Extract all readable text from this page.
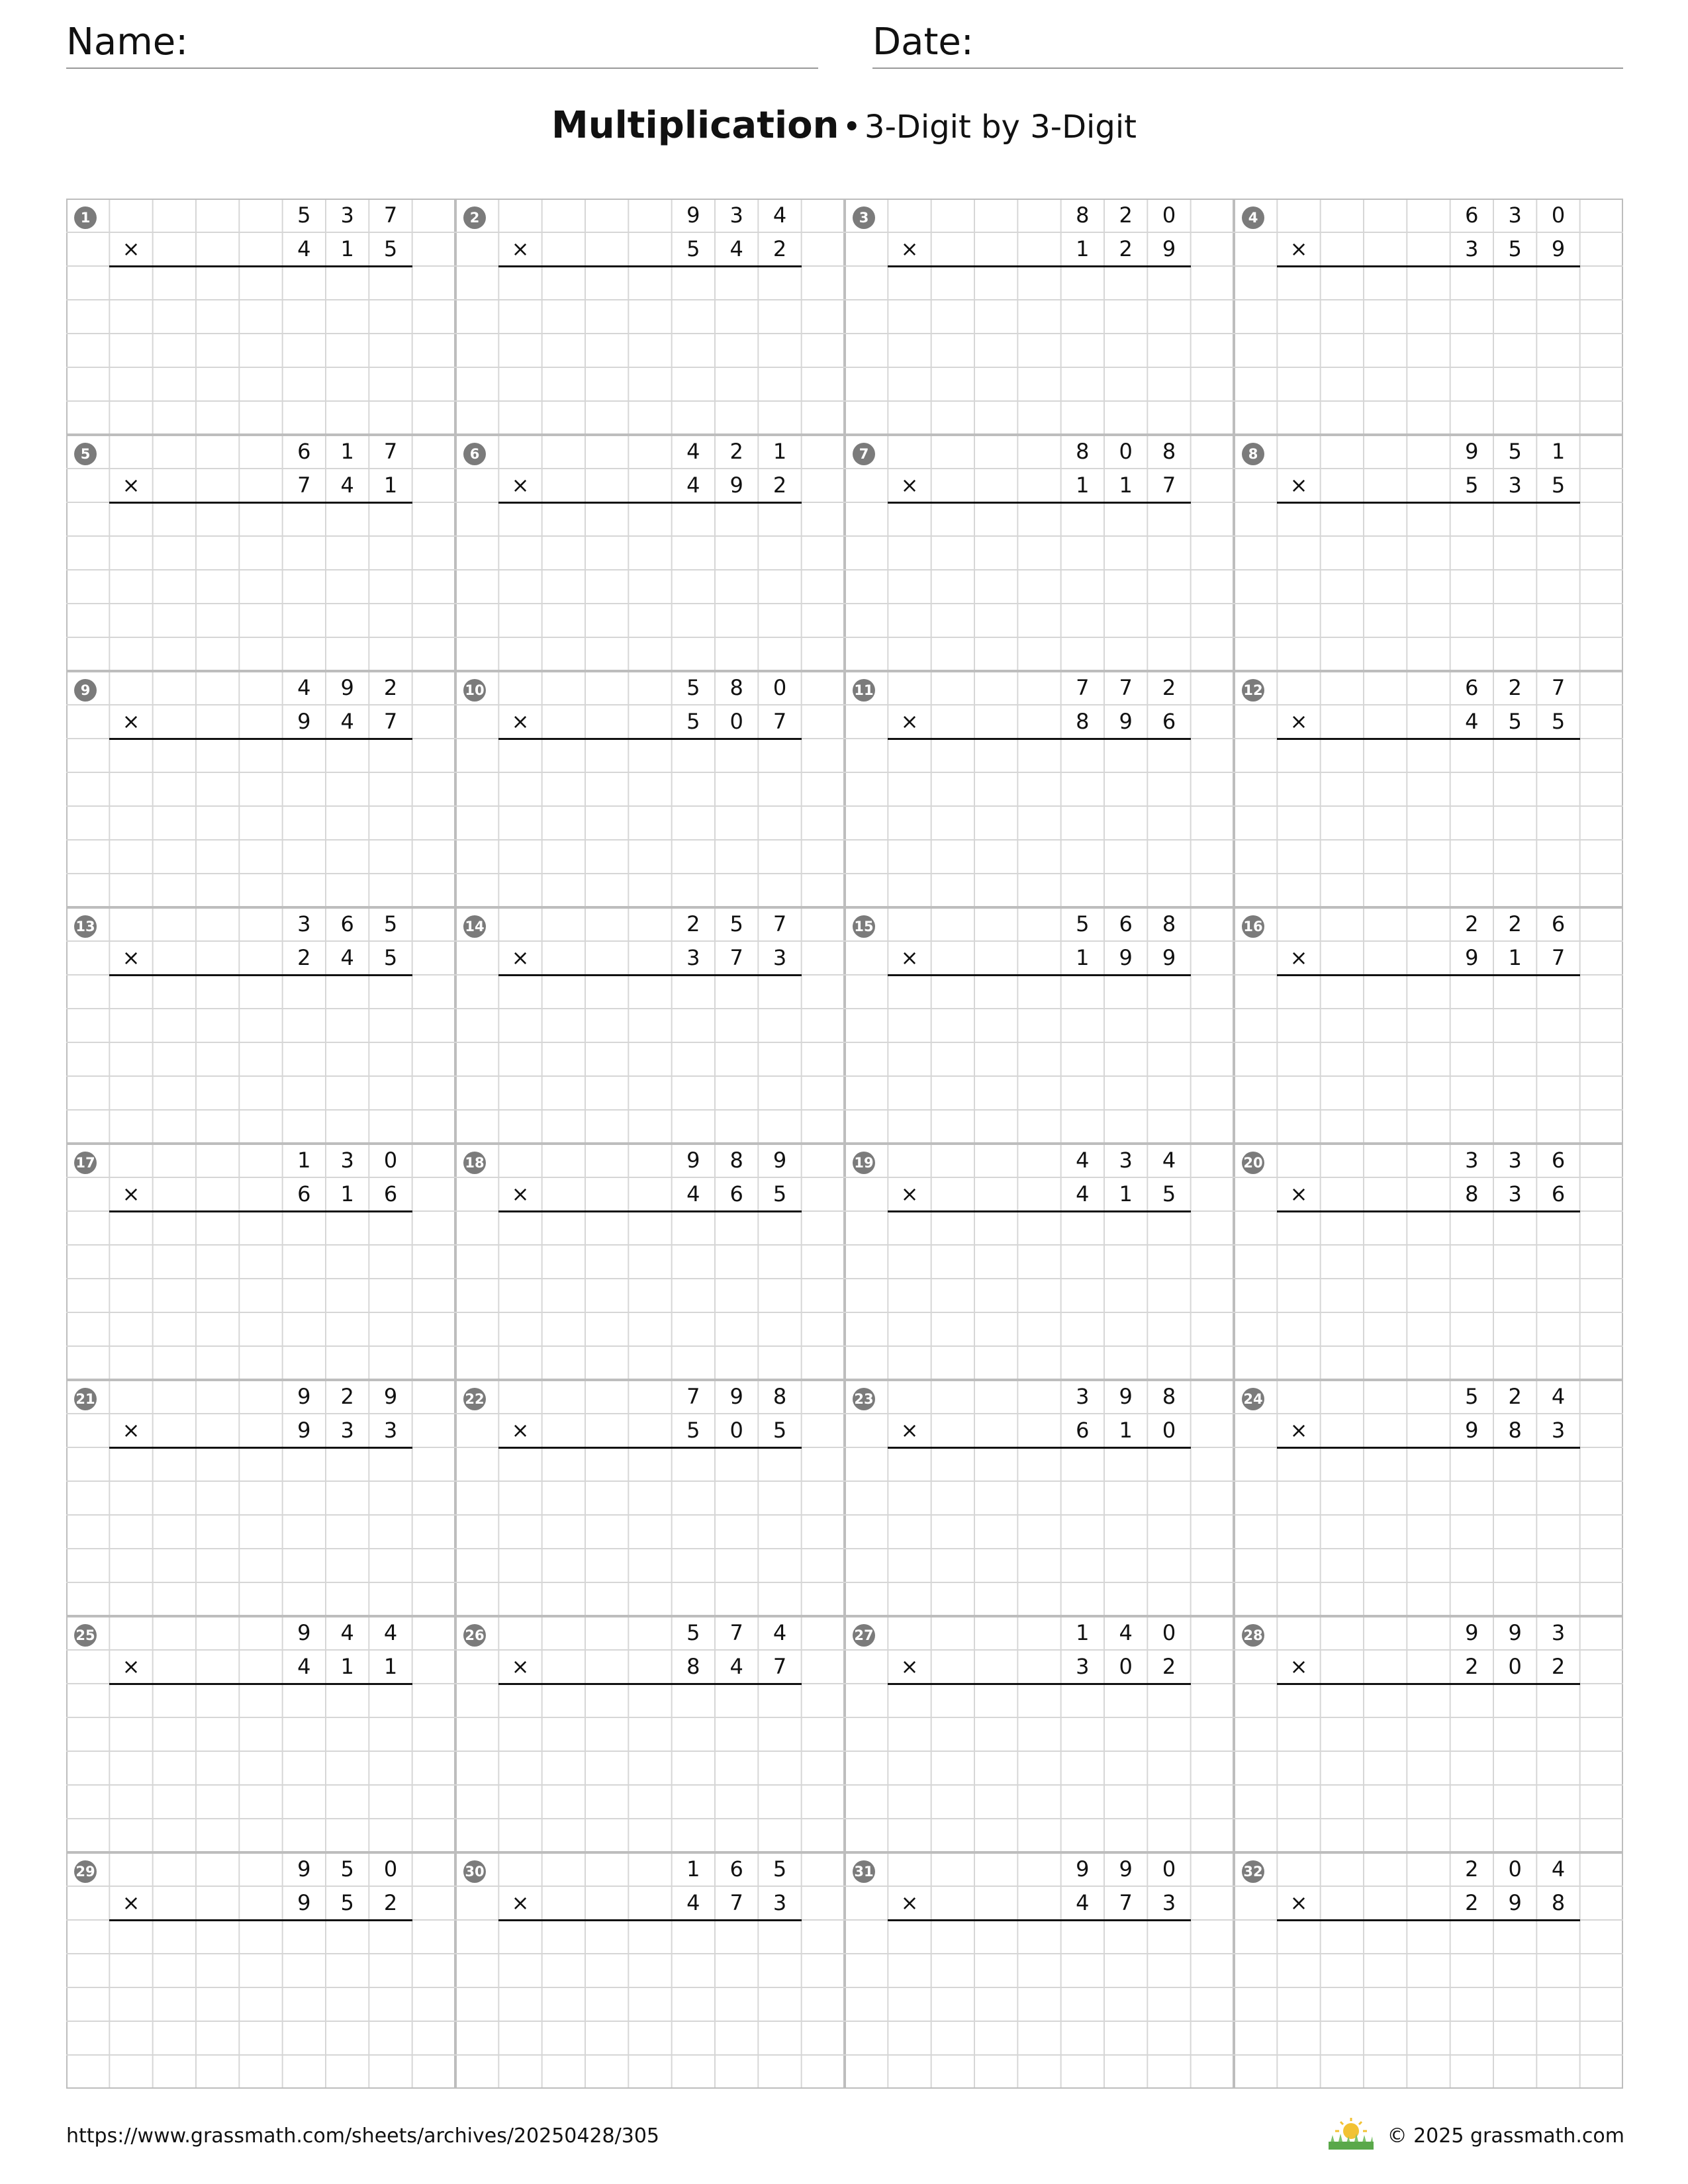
Name:	Date:
Multiplication • 3-Digit by 3-Digit
1	5	3	7
4	1	5
×
2	9	3	4
5	4	2
×
3	8	2	0
1	2	9
×
4	6	3	0
3	5	9
×
5	6	1	7
7	4	1
×
6	4	2	1
4	9	2
×
7	8	0	8
1	1	7
×
8	9	5	1
5	3	5
×
9	4	9	2
9	4	7
×
10	5	8	0
5	0	7
×
11	7	7	2
8	9	6
×
12	6	2	7
4	5	5
×
13	3	6	5
2	4	5
×
14	2	5	7
3	7	3
×
15	5	6	8
1	9	9
×
16	2	2	6
9	1	7
×
17	1	3	0
6	1	6
×
18	9	8	9
4	6	5
×
19	4	3	4
4	1	5
×
20	3	3	6
8	3	6
×
21	9	2	9
9	3	3
×
22	7	9	8
5	0	5
×
23	3	9	8
6	1	0
×
24	5	2	4
9	8	3
×
25	9	4	4
4	1	1
×
26	5	7	4
8	4	7
×
27	1	4	0
3	0	2
×
28	9	9	3
2	0	2
×
29	9	5	0
9	5	2
×
30	1	6	5
4	7	3
×
31	9	9	0
4	7	3
×
32	2	0	4
2	9	8
×
https://www.grassmath.com/sheets/archives/20250428/305	© 2025 grassmath.com
